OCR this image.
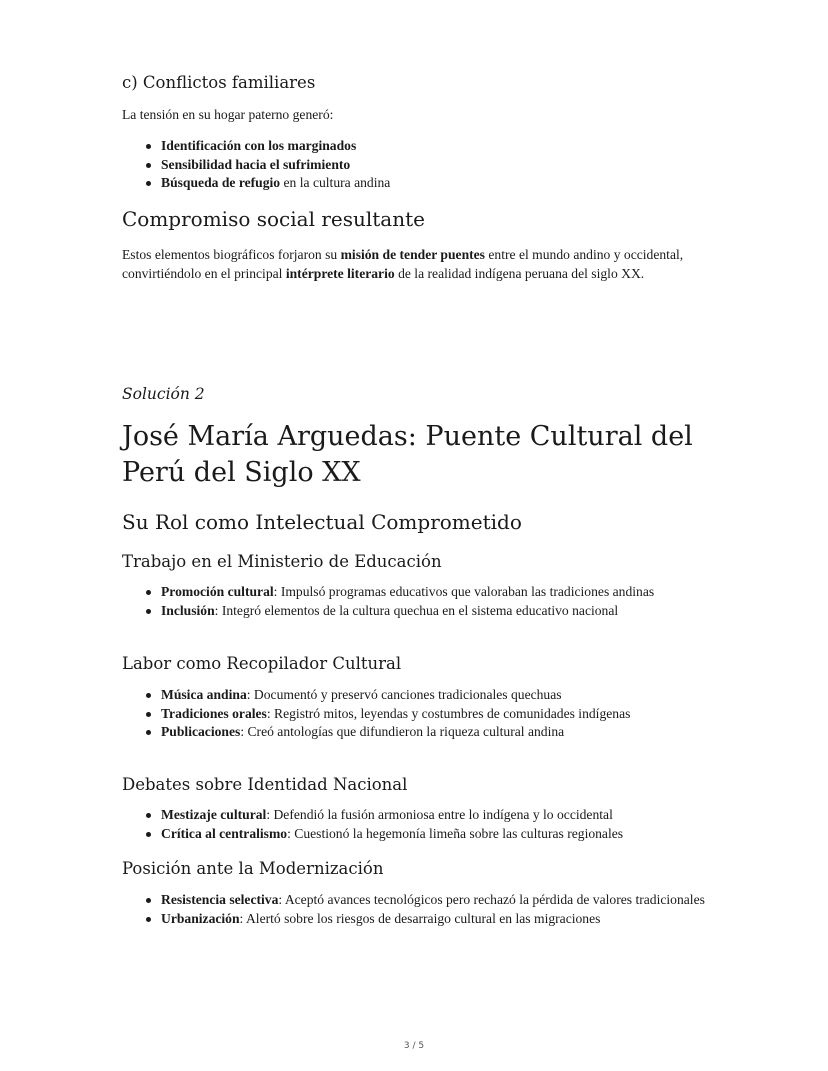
c) Conflictos familiares

La tensión en su hogar paterno generó:

Identificación con los marginados
Sensibilidad hacia el sufrimiento
Búsqueda de refugio en la cultura andina
Compromiso social resultante

Estos elementos biográficos forjaron su misión de tender puentes entre el mundo andino y occidental, convirtiéndolo en el principal intérprete literario de la realidad indígena peruana del siglo XX.

Solución 2
José María Arguedas: Puente Cultural del Perú del Siglo XX
Su Rol como Intelectual Comprometido
Trabajo en el Ministerio de Educación
Promoción cultural: Impulsó programas educativos que valoraban las tradiciones andinas
Inclusión: Integró elementos de la cultura quechua en el sistema educativo nacional
Labor como Recopilador Cultural
Música andina: Documentó y preservó canciones tradicionales quechuas
Tradiciones orales: Registró mitos, leyendas y costumbres de comunidades indígenas
Publicaciones: Creó antologías que difundieron la riqueza cultural andina
Debates sobre Identidad Nacional
Mestizaje cultural: Defendió la fusión armoniosa entre lo indígena y lo occidental
Crítica al centralismo: Cuestionó la hegemonía limeña sobre las culturas regionales
Posición ante la Modernización
Resistencia selectiva: Aceptó avances tecnológicos pero rechazó la pérdida de valores tradicionales
Urbanización: Alertó sobre los riesgos de desarraigo cultural en las migraciones
3 / 5
